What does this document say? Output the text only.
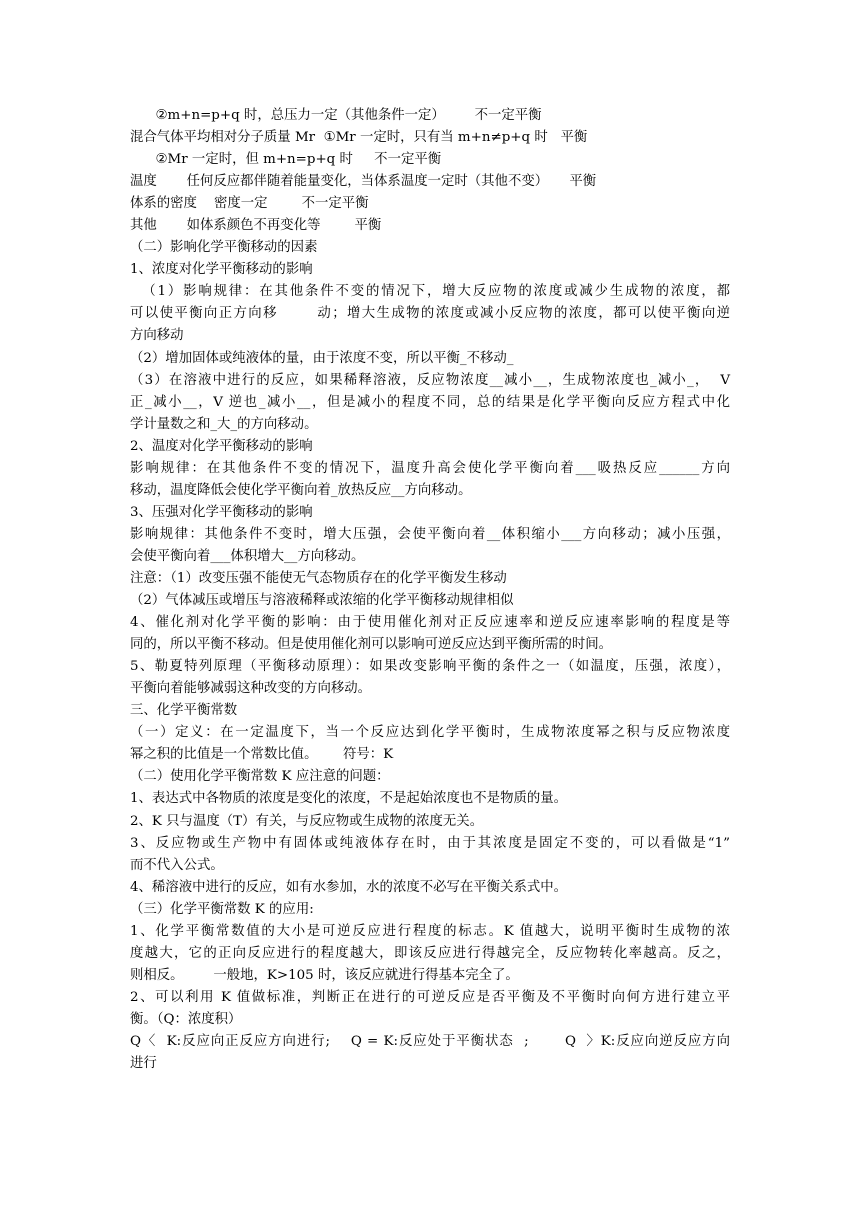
②m+n=p+q 时，总压力一定（其他条件一定）       不一定平衡
混合气体平均相对分子质量 Mr  ①Mr 一定时，只有当 m+n≠p+q 时   平衡
②Mr 一定时，但 m+n=p+q 时     不一定平衡
温度       任何反应都伴随着能量变化，当体系温度一定时（其他不变）     平衡
体系的密度    密度一定        不一定平衡
其他       如体系颜色不再变化等        平衡
（二）影响化学平衡移动的因素
1、浓度对化学平衡移动的影响
（1）影响规律：在其他条件不变的情况下，增大反应物的浓度或减少生成物的浓度，都
可以使平衡向正方向移       动；增大生成物的浓度或减小反应物的浓度，都可以使平衡向逆
方向移动
（2）增加固体或纯液体的量，由于浓度不变，所以平衡_不移动_
（3）在溶液中进行的反应，如果稀释溶液，反应物浓度__减小__，生成物浓度也_减小_，  V
正_减小__，V 逆也_减小__，但是减小的程度不同，总的结果是化学平衡向反应方程式中化
学计量数之和_大_的方向移动。
2、温度对化学平衡移动的影响
影响规律：在其他条件不变的情况下，温度升高会使化学平衡向着___吸热反应______方向
移动，温度降低会使化学平衡向着_放热反应__方向移动。
3、压强对化学平衡移动的影响
影响规律：其他条件不变时，增大压强，会使平衡向着__体积缩小___方向移动；减小压强，
会使平衡向着___体积增大__方向移动。
注意：（1）改变压强不能使无气态物质存在的化学平衡发生移动
（2）气体减压或增压与溶液稀释或浓缩的化学平衡移动规律相似
4、催化剂对化学平衡的影响：由于使用催化剂对正反应速率和逆反应速率影响的程度是等
同的，所以平衡不移动。但是使用催化剂可以影响可逆反应达到平衡所需的时间。
5、勒夏特列原理（平衡移动原理）：如果改变影响平衡的条件之一（如温度，压强，浓度），
平衡向着能够减弱这种改变的方向移动。
三、化学平衡常数
（一）定义：在一定温度下，当一个反应达到化学平衡时，生成物浓度幂之积与反应物浓度
幂之积的比值是一个常数比值。      符号：K
（二）使用化学平衡常数 K 应注意的问题：
1、表达式中各物质的浓度是变化的浓度，不是起始浓度也不是物质的量。
2、K 只与温度（T）有关，与反应物或生成物的浓度无关。
3、反应物或生产物中有固体或纯液体存在时，由于其浓度是固定不变的，可以看做是“1”
而不代入公式。
4、稀溶液中进行的反应，如有水参加，水的浓度不必写在平衡关系式中。
（三）化学平衡常数 K 的应用:
1、化学平衡常数值的大小是可逆反应进行程度的标志。K 值越大，说明平衡时生成物的浓
度越大，它的正向反应进行的程度越大，即该反应进行得越完全，反应物转化率越高。反之，
则相反。       一般地，K>105 时，该反应就进行得基本完全了。
2、可以利用 K 值做标准，判断正在进行的可逆反应是否平衡及不平衡时向何方进行建立平
衡。（Q：浓度积）
Q〈  K:反应向正反应方向进行;    Q = K:反应处于平衡状态  ;       Q  〉K:反应向逆反应方向
进行
